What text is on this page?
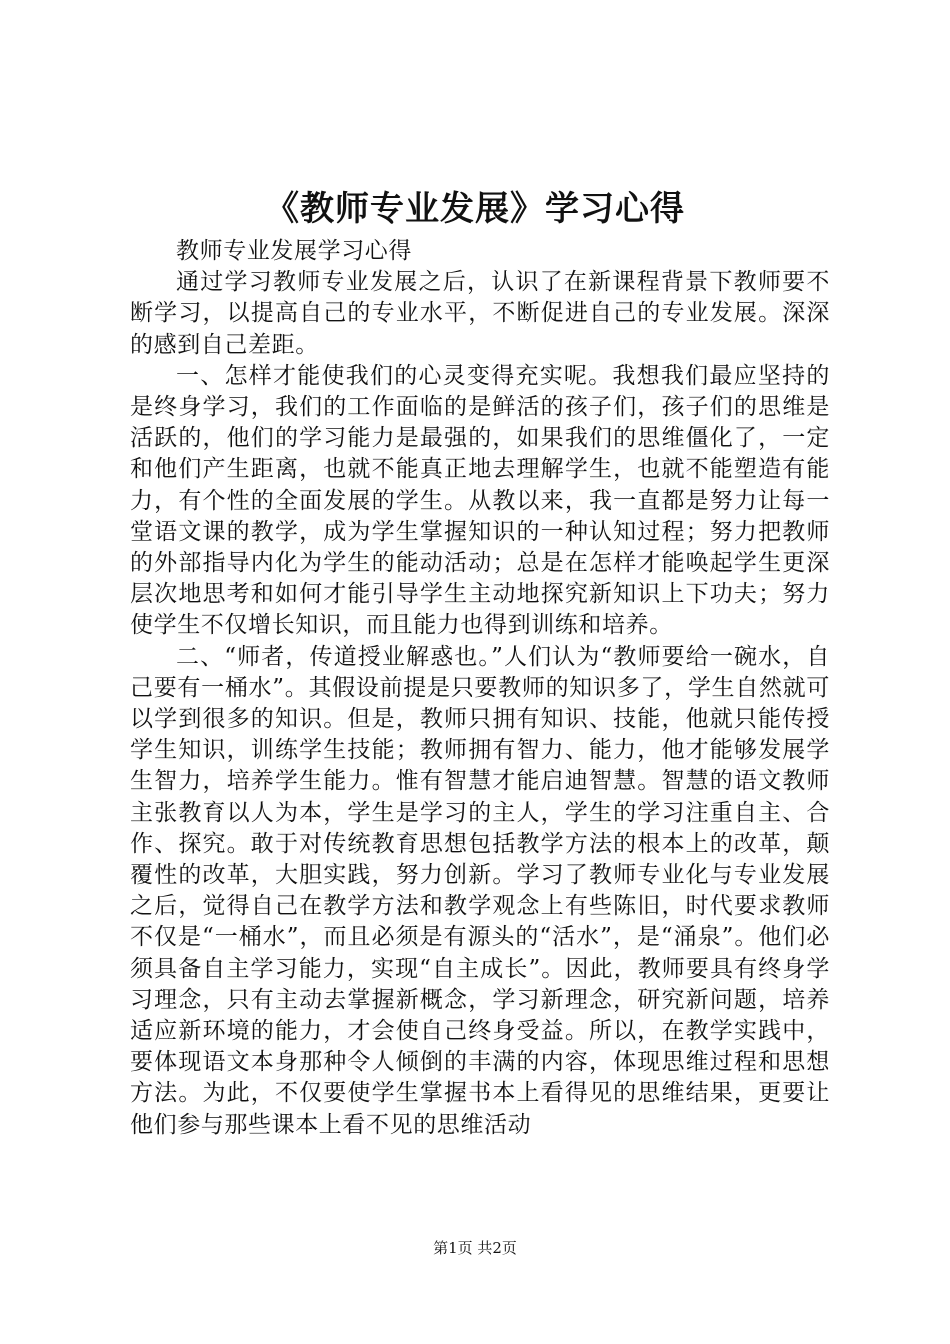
《教师专业发展》学习心得

教师专业发展学习心得

通过学习教师专业发展之后，认识了在新课程背景下教师要不断学习，以提高自己的专业水平，不断促进自己的专业发展。深深的感到自己差距。

一、怎样才能使我们的心灵变得充实呢。我想我们最应坚持的是终身学习，我们的工作面临的是鲜活的孩子们，孩子们的思维是活跃的，他们的学习能力是最强的，如果我们的思维僵化了，一定和他们产生距离，也就不能真正地去理解学生，也就不能塑造有能力，有个性的全面发展的学生。从教以来，我一直都是努力让每一堂语文课的教学，成为学生掌握知识的一种认知过程；努力把教师的外部指导内化为学生的能动活动；总是在怎样才能唤起学生更深层次地思考和如何才能引导学生主动地探究新知识上下功夫；努力使学生不仅增长知识，而且能力也得到训练和培养。

二、“师者，传道授业解惑也。”人们认为“教师要给一碗水，自己要有一桶水”。其假设前提是只要教师的知识多了，学生自然就可以学到很多的知识。但是，教师只拥有知识、技能，他就只能传授学生知识，训练学生技能；教师拥有智力、能力，他才能够发展学生智力，培养学生能力。惟有智慧才能启迪智慧。智慧的语文教师主张教育以人为本，学生是学习的主人，学生的学习注重自主、合作、探究。敢于对传统教育思想包括教学方法的根本上的改革，颠覆性的改革，大胆实践，努力创新。学习了教师专业化与专业发展之后，觉得自己在教学方法和教学观念上有些陈旧，时代要求教师不仅是“一桶水”，而且必须是有源头的“活水”，是“涌泉”。他们必须具备自主学习能力，实现“自主成长”。因此，教师要具有终身学习理念，只有主动去掌握新概念，学习新理念，研究新问题，培养适应新环境的能力，才会使自己终身受益。所以，在教学实践中，要体现语文本身那种令人倾倒的丰满的内容，体现思维过程和思想方法。为此，不仅要使学生掌握书本上看得见的思维结果，更要让他们参与那些课本上看不见的思维活动

第1页 共2页
